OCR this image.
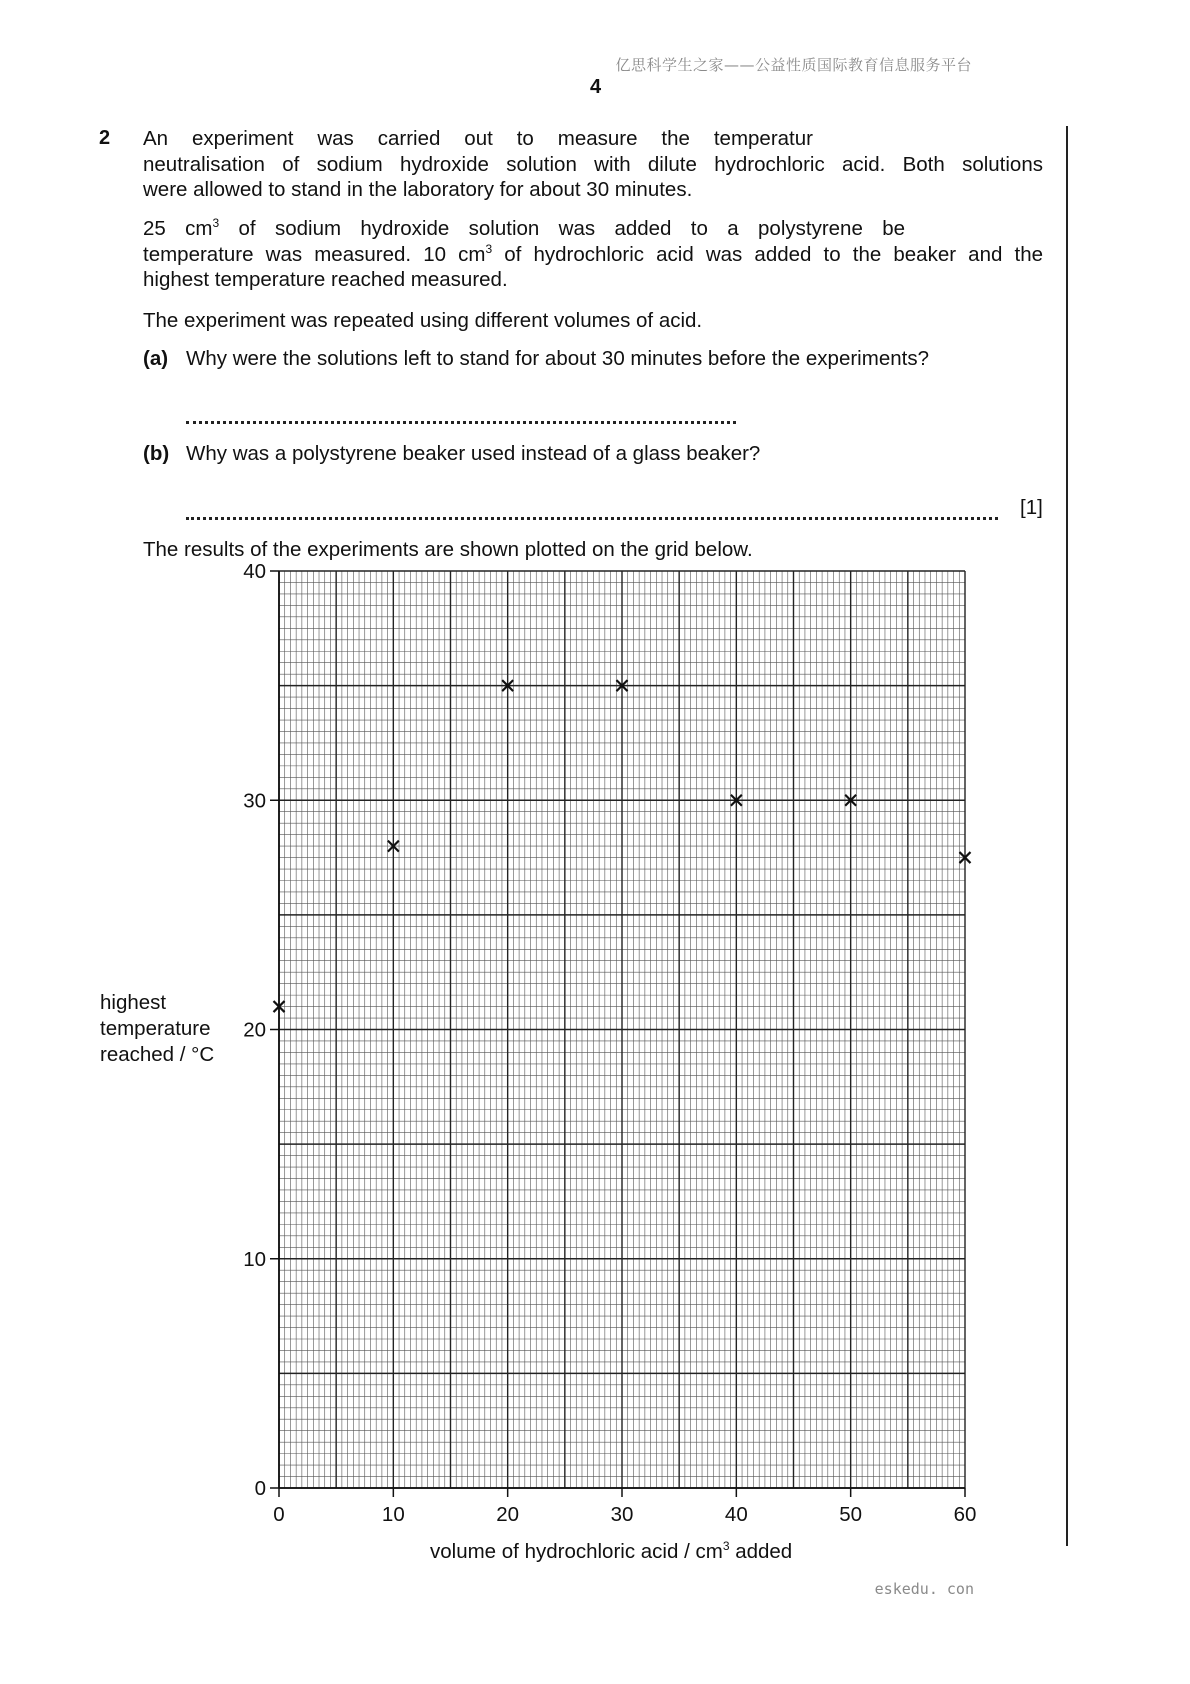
亿思科学生之家——公益性质国际教育信息服务平台
4
2 An experiment was carried out to measure the temperatur
neutralisation of sodium hydroxide solution with dilute hydrochloric acid. Both solutions
were allowed to stand in the laboratory for about 30 minutes.
25 $cm^3$ of sodium hydroxide solution was added to a polystyrene be
temperature was measured. 10 $cm^3$ of hydrochloric acid was added to the beaker and the
highest temperature reached measured.
The experiment was repeated using different volumes of acid.
(a) Why were the solutions left to stand for about 30 minutes before the experiments?
(b) Why was a polystyrene beaker used instead of a glass beaker?
[1]
The results of the experiments are shown plotted on the grid below.
0	10	20	30	40	50	60
0
10
20
30
40
highest
temperature
reached / °C
volume of hydrochloric acid / $cm^3$ added
eskedu. con
